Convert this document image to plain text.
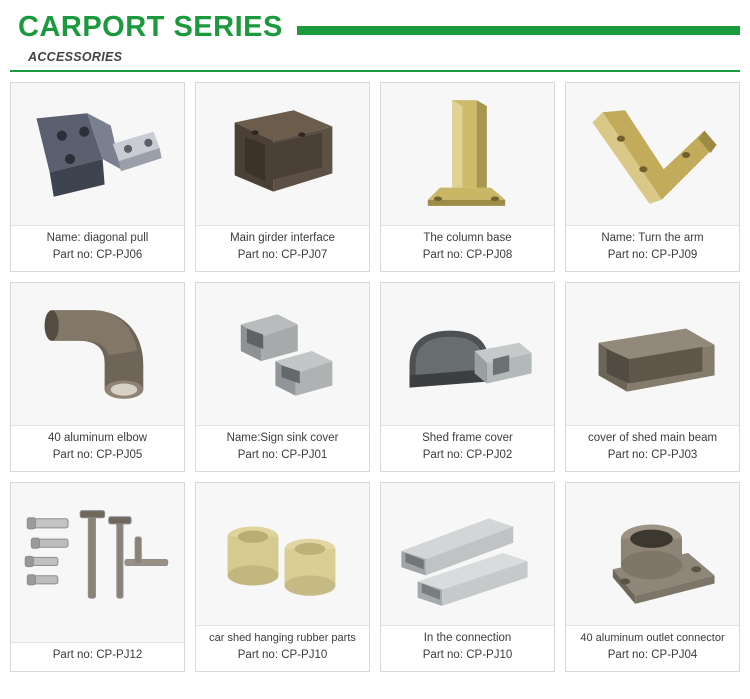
CARPORT SERIES
ACCESSORIES
Name: diagonal pull
Part no: CP-PJ06
Main girder interface
Part no: CP-PJ07
The column base
Part no: CP-PJ08
Name: Turn the arm
Part no: CP-PJ09
40 aluminum elbow
Part no: CP-PJ05
Name:Sign sink cover
Part no: CP-PJ01
Shed frame cover
Part no: CP-PJ02
cover of shed main beam
Part no: CP-PJ03
Part no: CP-PJ12
car shed hanging rubber parts
Part no: CP-PJ10
In the connection
Part no: CP-PJ10
40 aluminum outlet connector
Part no: CP-PJ04
